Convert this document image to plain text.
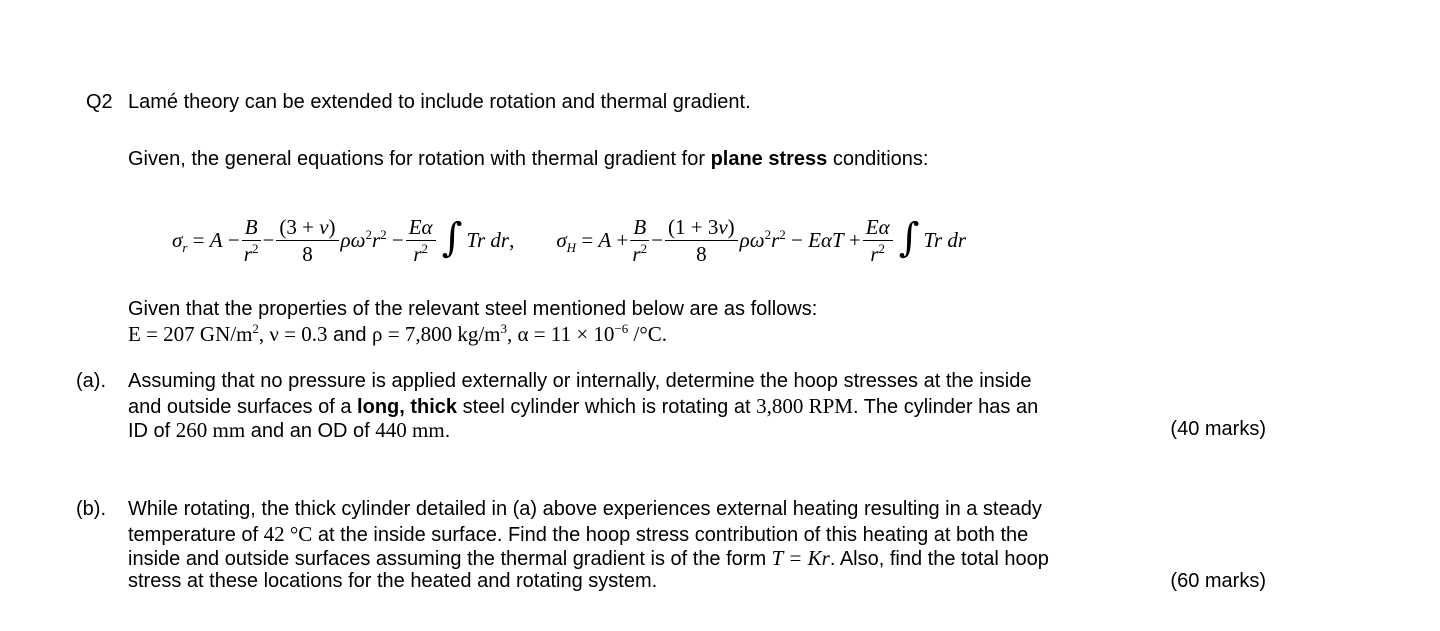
Q2 Lamé theory can be extended to include rotation and thermal gradient.
Given, the general equations for rotation with thermal gradient for plane stress conditions:
$\sigma_r = A - \frac{B}{r^2} - \frac{(3 + \nu)}{8} \rho\omega^2r^2 - \frac{E\alpha}{r^2}$ ∫ Tr dr, $\sigma_H = A + \frac{B}{r^2} - \frac{(1 + 3\nu)}{8} \rho\omega^2r^2 - E\alpha T + \frac{E\alpha}{r^2}$ ∫ Tr dr
Given that the properties of the relevant steel mentioned below are as follows:
E = 207 $GN/m^2$, ν = 0.3 and ρ = 7,800 $kg/m^3$, $\alpha = 11 \times 10^{-6}$ /°C.
(a). Assuming that no pressure is applied externally or internally, determine the hoop stresses at the inside
and outside surfaces of a long, thick steel cylinder which is rotating at 3,800 RPM. The cylinder has an
ID of 260 mm and an OD of 440 mm.	(40 marks)
(b). While rotating, the thick cylinder detailed in (a) above experiences external heating resulting in a steady
temperature of 42 °C at the inside surface. Find the hoop stress contribution of this heating at both the
inside and outside surfaces assuming the thermal gradient is of the form T = Kr. Also, find the total hoop
stress at these locations for the heated and rotating system.	(60 marks)
